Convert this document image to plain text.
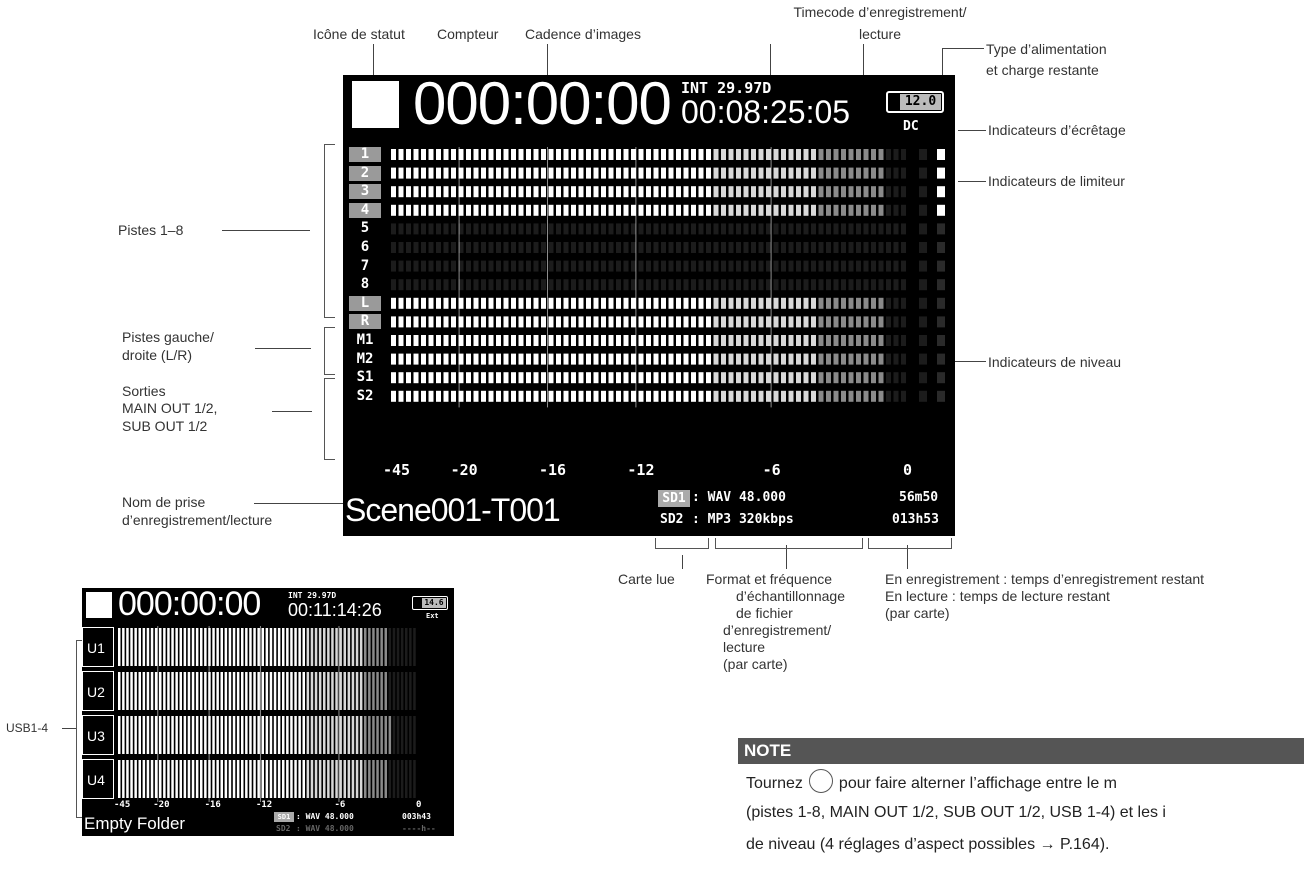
Icône de statut Compteur Cadence d’images
Timecode d’enregistrement/
lecture
Type d’alimentation
et charge restante
Indicateurs d’écrêtage
Indicateurs de limiteur
Pistes 1–8
Pistes gauche/
droite (L/R)
Sorties
MAIN OUT 1/2,
SUB OUT 1/2
Indicateurs de niveau
Nom de prise
d’enregistrement/lecture
Carte lue Format et fréquence
d’échantillonnage
de fichier
d’enregistrement/
lecture
(par carte)
En enregistrement : temps d’enregistrement restant
En lecture : temps de lecture restant
(par carte)
USB1-4
000:00:00 INT 29.97D
00:08:25:05	12.0
DC
1
2
3
4
5
6
7
8
L
R
M1
M2
S1
S2
-45	-20	-16	-12	-6	0
Scene001-T001	SD1 : WAV 48.000	56m50
SD2 : MP3 320kbps	013h53
000:00:00	INT 29.97D
00:11:14:26	14.6
Ext
U1
U2
U3
U4
-45	-20	-16	-12	-6	0
Empty Folder	SD1 : WAV 48.000	003h43
SD2 : WAV 48.000	----h--
NOTE
Tournez pour faire alterner l’affichage entre le m
(pistes 1-8, MAIN OUT 1/2, SUB OUT 1/2, USB 1-4) et les i
de niveau (4 réglages d’aspect possibles → P.164).
